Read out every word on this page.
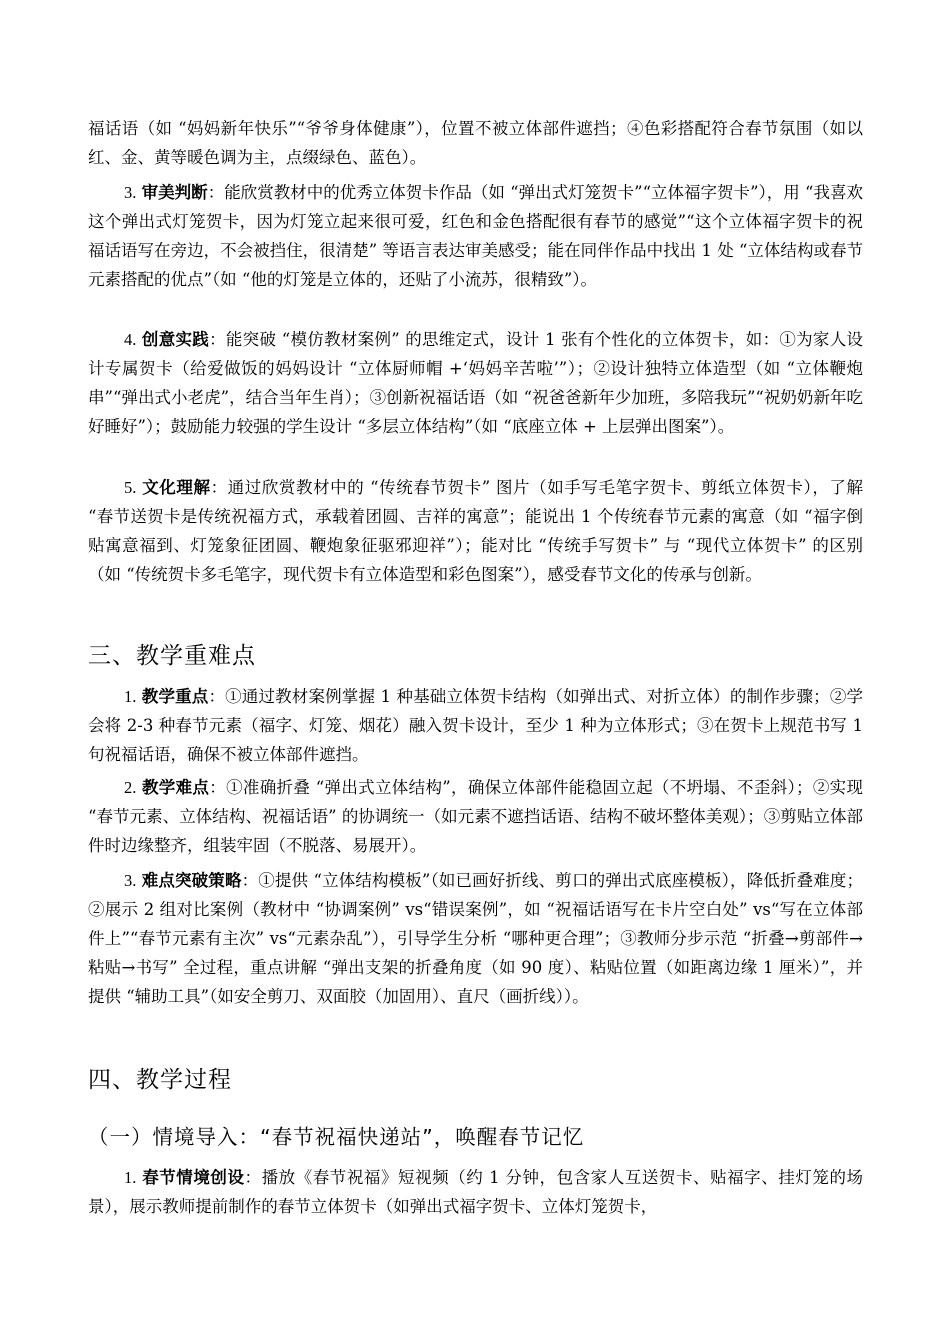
福话语（如 “妈妈新年快乐”“爷爷身体健康”），位置不被立体部件遮挡；④色彩搭配符合春节氛围（如以红、金、黄等暖色调为主，点缀绿色、蓝色）。

3. 审美判断：能欣赏教材中的优秀立体贺卡作品（如 “弹出式灯笼贺卡”“立体福字贺卡”），用 “我喜欢这个弹出式灯笼贺卡，因为灯笼立起来很可爱，红色和金色搭配很有春节的感觉”“这个立体福字贺卡的祝福话语写在旁边，不会被挡住，很清楚” 等语言表达审美感受；能在同伴作品中找出 1 处 “立体结构或春节元素搭配的优点”（如 “他的灯笼是立体的，还贴了小流苏，很精致”）。

4. 创意实践：能突破 “模仿教材案例” 的思维定式，设计 1 张有个性化的立体贺卡，如：①为家人设计专属贺卡（给爱做饭的妈妈设计 “立体厨师帽 +‘妈妈辛苦啦’”）；②设计独特立体造型（如 “立体鞭炮串”“弹出式小老虎”，结合当年生肖）；③创新祝福话语（如 “祝爸爸新年少加班，多陪我玩”“祝奶奶新年吃好睡好”）；鼓励能力较强的学生设计 “多层立体结构”（如 “底座立体 + 上层弹出图案”）。

5. 文化理解：通过欣赏教材中的 “传统春节贺卡” 图片（如手写毛笔字贺卡、剪纸立体贺卡），了解 “春节送贺卡是传统祝福方式，承载着团圆、吉祥的寓意”；能说出 1 个传统春节元素的寓意（如 “福字倒贴寓意福到、灯笼象征团圆、鞭炮象征驱邪迎祥”）；能对比 “传统手写贺卡” 与 “现代立体贺卡” 的区别（如 “传统贺卡多毛笔字，现代贺卡有立体造型和彩色图案”），感受春节文化的传承与创新。

三、教学重难点

1. 教学重点：①通过教材案例掌握 1 种基础立体贺卡结构（如弹出式、对折立体）的制作步骤；②学会将 2-3 种春节元素（福字、灯笼、烟花）融入贺卡设计，至少 1 种为立体形式；③在贺卡上规范书写 1 句祝福话语，确保不被立体部件遮挡。

2. 教学难点：①准确折叠 “弹出式立体结构”，确保立体部件能稳固立起（不坍塌、不歪斜）；②实现 “春节元素、立体结构、祝福话语” 的协调统一（如元素不遮挡话语、结构不破坏整体美观）；③剪贴立体部件时边缘整齐，组装牢固（不脱落、易展开）。

3. 难点突破策略：①提供 “立体结构模板”（如已画好折线、剪口的弹出式底座模板），降低折叠难度；②展示 2 组对比案例（教材中 “协调案例” vs“错误案例”，如 “祝福话语写在卡片空白处” vs“写在立体部件上”“春节元素有主次” vs“元素杂乱”），引导学生分析 “哪种更合理”；③教师分步示范 “折叠→剪部件→粘贴→书写” 全过程，重点讲解 “弹出支架的折叠角度（如 90 度）、粘贴位置（如距离边缘 1 厘米）”，并提供 “辅助工具”（如安全剪刀、双面胶（加固用）、直尺（画折线））。

四、教学过程
（一）情境导入：“春节祝福快递站”，唤醒春节记忆

1. 春节情境创设：播放《春节祝福》短视频（约 1 分钟，包含家人互送贺卡、贴福字、挂灯笼的场景），展示教师提前制作的春节立体贺卡（如弹出式福字贺卡、立体灯笼贺卡，
